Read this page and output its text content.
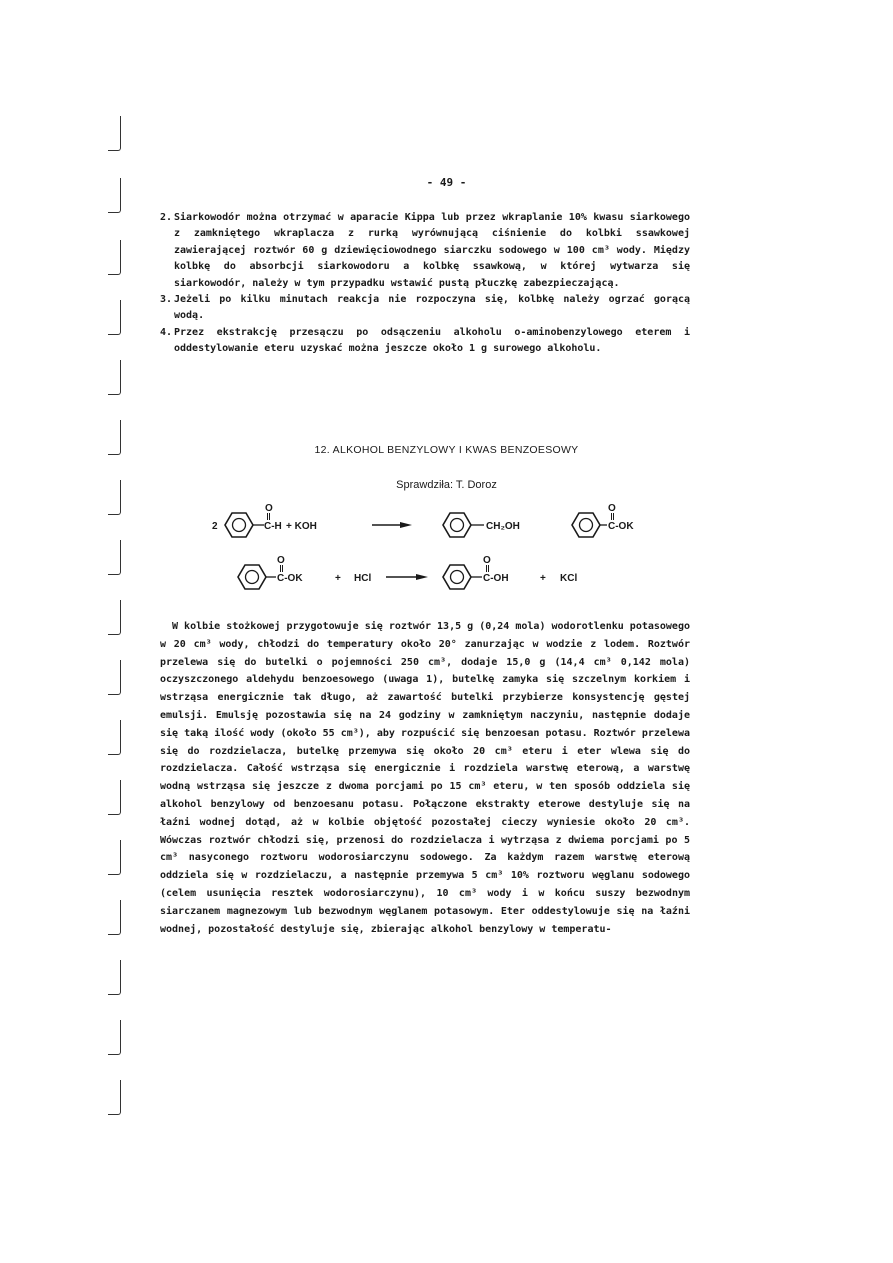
- 49 -
2. Siarkowodór można otrzymać w aparacie Kippa lub przez wkraplanie 10% kwasu siarkowego z zamkniętego wkraplacza z rurką wyrównującą ciśnienie do kolbki ssawkowej zawierającej roztwór 60 g dziewięciowodnego siarczku sodowego w 100 cm³ wody. Między kolbkę do absorbcji siarkowodoru a kolbkę ssawkową, w której wytwarza się siarkowodór, należy w tym przypadku wstawić pustą płuczkę zabezpieczającą.
3. Jeżeli po kilku minutach reakcja nie rozpoczyna się, kolbkę należy ogrzać gorącą wodą.
4. Przez ekstrakcję przesączu po odsączeniu alkoholu o-aminobenzylowego eterem i oddestylowanie eteru uzyskać można jeszcze około 1 g surowego alkoholu.
12. ALKOHOL BENZYLOWY I KWAS BENZOESOWY
Sprawdziła: T. Doroz
2
O
C-H + KOH	CH₂OH
O
C-OK
O
C-OK	+ HCl
O
C-OH	+ KCl

W kolbie stożkowej przygotowuje się roztwór 13,5 g (0,24 mola) wodorotlenku potasowego w 20 cm³ wody, chłodzi do temperatury około 20° zanurzając w wodzie z lodem. Roztwór przelewa się do butelki o pojemności 250 cm³, dodaje 15,0 g (14,4 cm³ 0,142 mola) oczyszczonego aldehydu benzoesowego (uwaga 1), butelkę zamyka się szczelnym korkiem i wstrząsa energicznie tak długo, aż zawartość butelki przybierze konsystencję gęstej emulsji. Emulsję pozostawia się na 24 godziny w zamkniętym naczyniu, następnie dodaje się taką ilość wody (około 55 cm³), aby rozpuścić się benzoesan potasu. Roztwór przelewa się do rozdzielacza, butelkę przemywa się około 20 cm³ eteru i eter wlewa się do rozdzielacza. Całość wstrząsa się energicznie i rozdziela warstwę eterową, a warstwę wodną wstrząsa się jeszcze z dwoma porcjami po 15 cm³ eteru, w ten sposób oddziela się alkohol benzylowy od benzoesanu potasu. Połączone ekstrakty eterowe destyluje się na łaźni wodnej dotąd, aż w kolbie objętość pozostałej cieczy wyniesie około 20 cm³. Wówczas roztwór chłodzi się, przenosi do rozdzielacza i wytrząsa z dwiema porcjami po 5 cm³ nasyconego roztworu wodorosiarczynu sodowego. Za każdym razem warstwę eterową oddziela się w rozdzielaczu, a następnie przemywa 5 cm³ 10% roztworu węglanu sodowego (celem usunięcia resztek wodorosiarczynu), 10 cm³ wody i w końcu suszy bezwodnym siarczanem magnezowym lub bezwodnym węglanem potasowym. Eter oddestylowuje się na łaźni wodnej, pozostałość destyluje się, zbierając alkohol benzylowy w temperatu-
